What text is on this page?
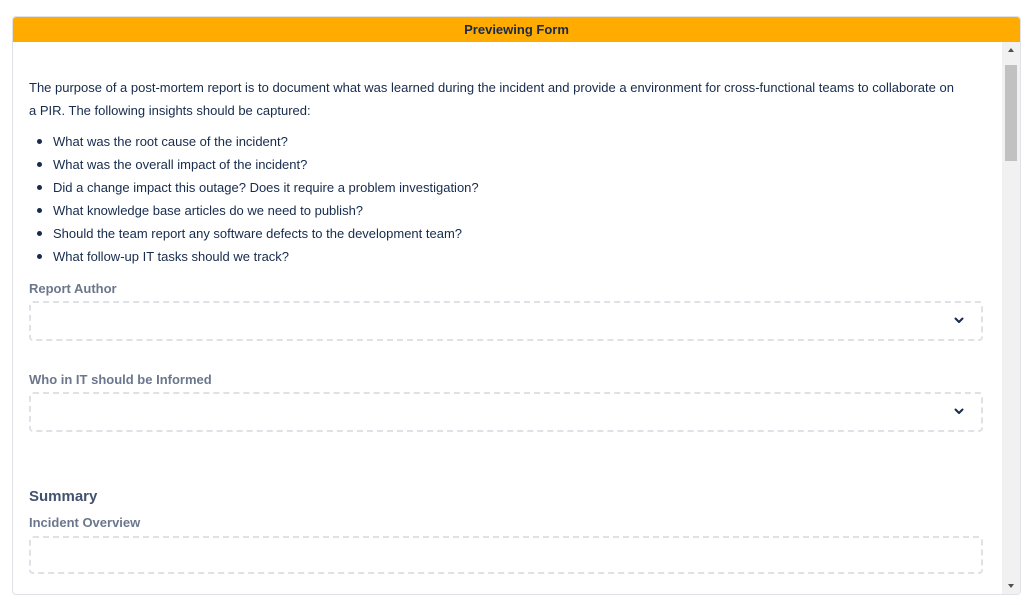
Previewing Form

The purpose of a post-mortem report is to document what was learned during the incident and provide a environment for cross-functional teams to collaborate on a PIR. The following insights should be captured:

What was the root cause of the incident?
What was the overall impact of the incident?
Did a change impact this outage? Does it require a problem investigation?
What knowledge base articles do we need to publish?
Should the team report any software defects to the development team?
What follow-up IT tasks should we track?
Report Author
Who in IT should be Informed
Summary
Incident Overview
